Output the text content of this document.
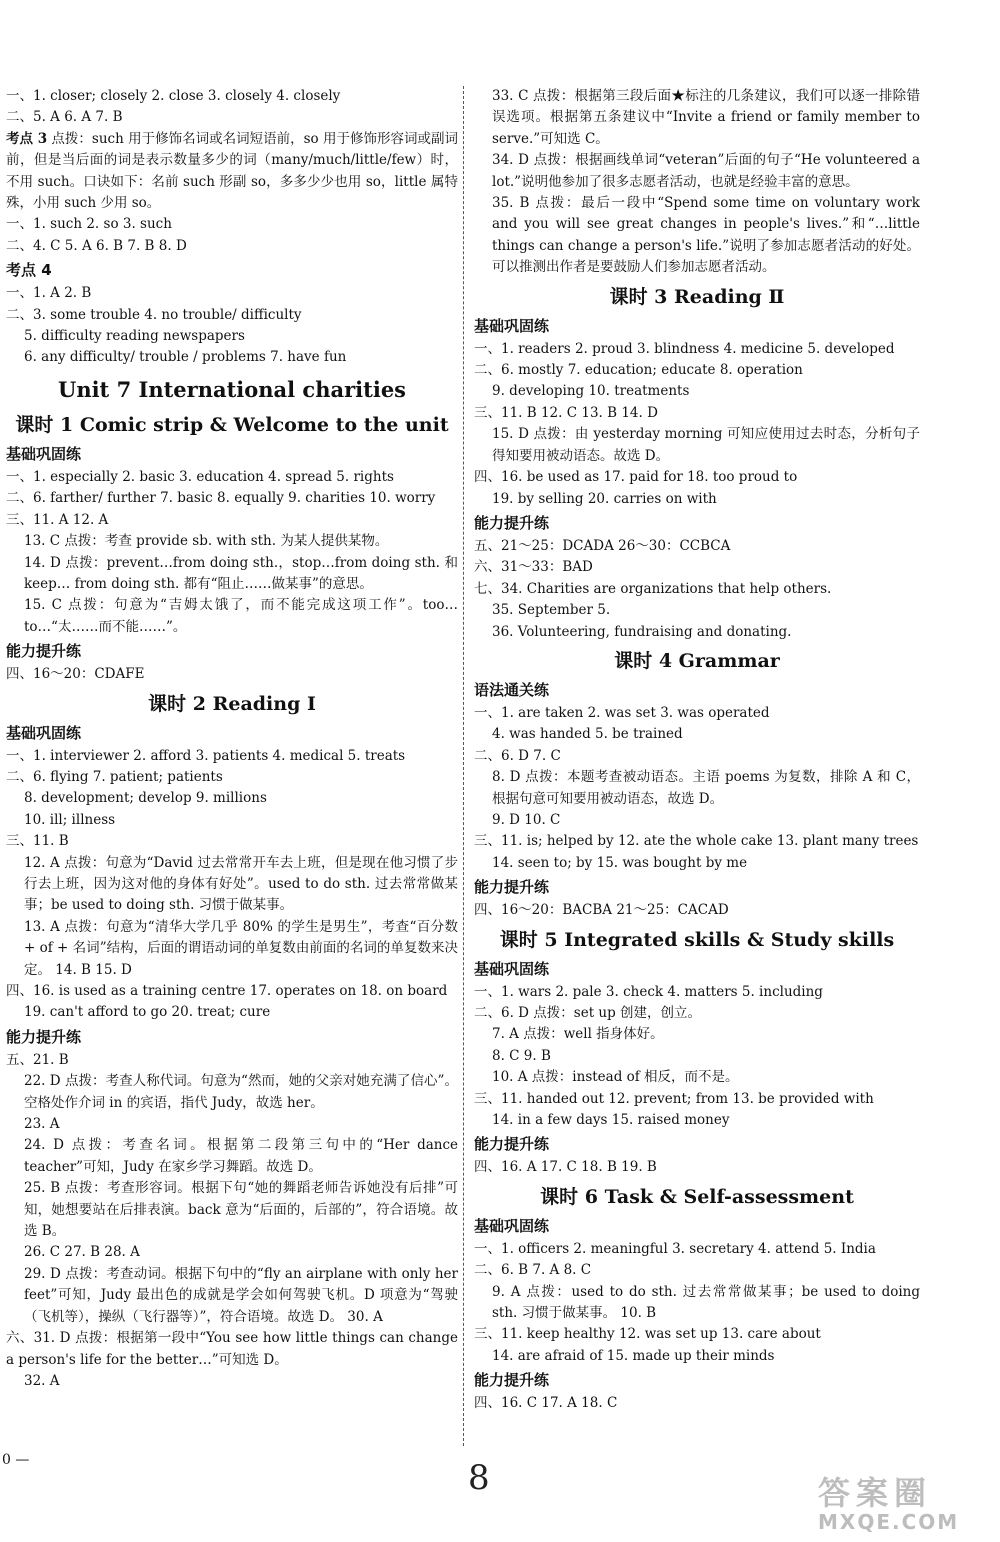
一、1. closer; closely 2. close 3. closely 4. closely
二、5. A 6. A 7. B
考点 3 点拨：such 用于修饰名词或名词短语前，so 用于修饰形容词或副词前，但是当后面的词是表示数量多少的词（many/much/little/few）时，不用 such。口诀如下：名前 such 形副 so，多多少少也用 so，little 属特殊，小用 such 少用 so。
一、1. such 2. so 3. such
二、4. C 5. A 6. B 7. B 8. D
考点 4
一、1. A 2. B
二、3. some trouble 4. no trouble/ difficulty
5. difficulty reading newspapers
6. any difficulty/ trouble / problems 7. have fun
Unit 7 International charities
课时 1 Comic strip & Welcome to the unit
基础巩固练
一、1. especially 2. basic 3. education 4. spread 5. rights
二、6. farther/ further 7. basic 8. equally 9. charities 10. worry
三、11. A 12. A
13. C 点拨：考查 provide sb. with sth. 为某人提供某物。
14. D 点拨：prevent…from doing sth.，stop…from doing sth. 和 keep… from doing sth. 都有“阻止……做某事”的意思。
15. C 点拨：句意为“吉姆太饿了，而不能完成这项工作”。too…to…“太……而不能……”。
能力提升练
四、16～20：CDAFE
课时 2 Reading Ⅰ
基础巩固练
一、1. interviewer 2. afford 3. patients 4. medical 5. treats
二、6. flying 7. patient; patients
8. development; develop 9. millions
10. ill; illness
三、11. B
12. A 点拨：句意为“David 过去常常开车去上班，但是现在他习惯了步行去上班，因为这对他的身体有好处”。used to do sth. 过去常常做某事；be used to doing sth. 习惯于做某事。
13. A 点拨：句意为“清华大学几乎 80% 的学生是男生”，考查“百分数 + of + 名词”结构，后面的谓语动词的单复数由前面的名词的单复数来决定。 14. B 15. D
四、16. is used as a training centre 17. operates on 18. on board
19. can't afford to go 20. treat; cure
能力提升练
五、21. B
22. D 点拨：考查人称代词。句意为“然而，她的父亲对她充满了信心”。空格处作介词 in 的宾语，指代 Judy，故选 her。
23. A
24. D 点拨：考查名词。根据第二段第三句中的“Her dance teacher”可知，Judy 在家乡学习舞蹈。故选 D。
25. B 点拨：考查形容词。根据下句“她的舞蹈老师告诉她没有后排”可知，她想要站在后排表演。back 意为“后面的，后部的”，符合语境。故选 B。
26. C 27. B 28. A
29. D 点拨：考查动词。根据下句中的“fly an airplane with only her feet”可知，Judy 最出色的成就是学会如何驾驶飞机。D 项意为“驾驶（飞机等），操纵（飞行器等）”，符合语境。故选 D。 30. A
六、31. D 点拨：根据第一段中“You see how little things can change a person's life for the better…”可知选 D。
32. A
33. C 点拨：根据第三段后面★标注的几条建议，我们可以逐一排除错误选项。根据第五条建议中“Invite a friend or family member to serve.”可知选 C。
34. D 点拨：根据画线单词“veteran”后面的句子“He volunteered a lot.”说明他参加了很多志愿者活动，也就是经验丰富的意思。
35. B 点拨：最后一段中“Spend some time on voluntary work and you will see great changes in people's lives.”和“…little things can change a person's life.”说明了参加志愿者活动的好处。可以推测出作者是要鼓励人们参加志愿者活动。
课时 3 Reading Ⅱ
基础巩固练
一、1. readers 2. proud 3. blindness 4. medicine 5. developed
二、6. mostly 7. education; educate 8. operation
9. developing 10. treatments
三、11. B 12. C 13. B 14. D
15. D 点拨：由 yesterday morning 可知应使用过去时态，分析句子得知要用被动语态。故选 D。
四、16. be used as 17. paid for 18. too proud to
19. by selling 20. carries on with
能力提升练
五、21～25：DCADA 26～30：CCBCA
六、31～33：BAD
七、34. Charities are organizations that help others.
35. September 5.
36. Volunteering, fundraising and donating.
课时 4 Grammar
语法通关练
一、1. are taken 2. was set 3. was operated
4. was handed 5. be trained
二、6. D 7. C
8. D 点拨：本题考查被动语态。主语 poems 为复数，排除 A 和 C，根据句意可知要用被动语态，故选 D。
9. D 10. C
三、11. is; helped by 12. ate the whole cake 13. plant many trees
14. seen to; by 15. was bought by me
能力提升练
四、16～20：BACBA 21～25：CACAD
课时 5 Integrated skills & Study skills
基础巩固练
一、1. wars 2. pale 3. check 4. matters 5. including
二、6. D 点拨：set up 创建，创立。
7. A 点拨：well 指身体好。
8. C 9. B
10. A 点拨：instead of 相反，而不是。
三、11. handed out 12. prevent; from 13. be provided with
14. in a few days 15. raised money
能力提升练
四、16. A 17. C 18. B 19. B
课时 6 Task & Self-assessment
基础巩固练
一、1. officers 2. meaningful 3. secretary 4. attend 5. India
二、6. B 7. A 8. C
9. A 点拨：used to do sth. 过去常常做某事；be used to doing sth. 习惯于做某事。 10. B
三、11. keep healthy 12. was set up 13. care about
14. are afraid of 15. made up their minds
能力提升练
四、16. C 17. A 18. C
0 —	8	答案圈
MXQE.COM
